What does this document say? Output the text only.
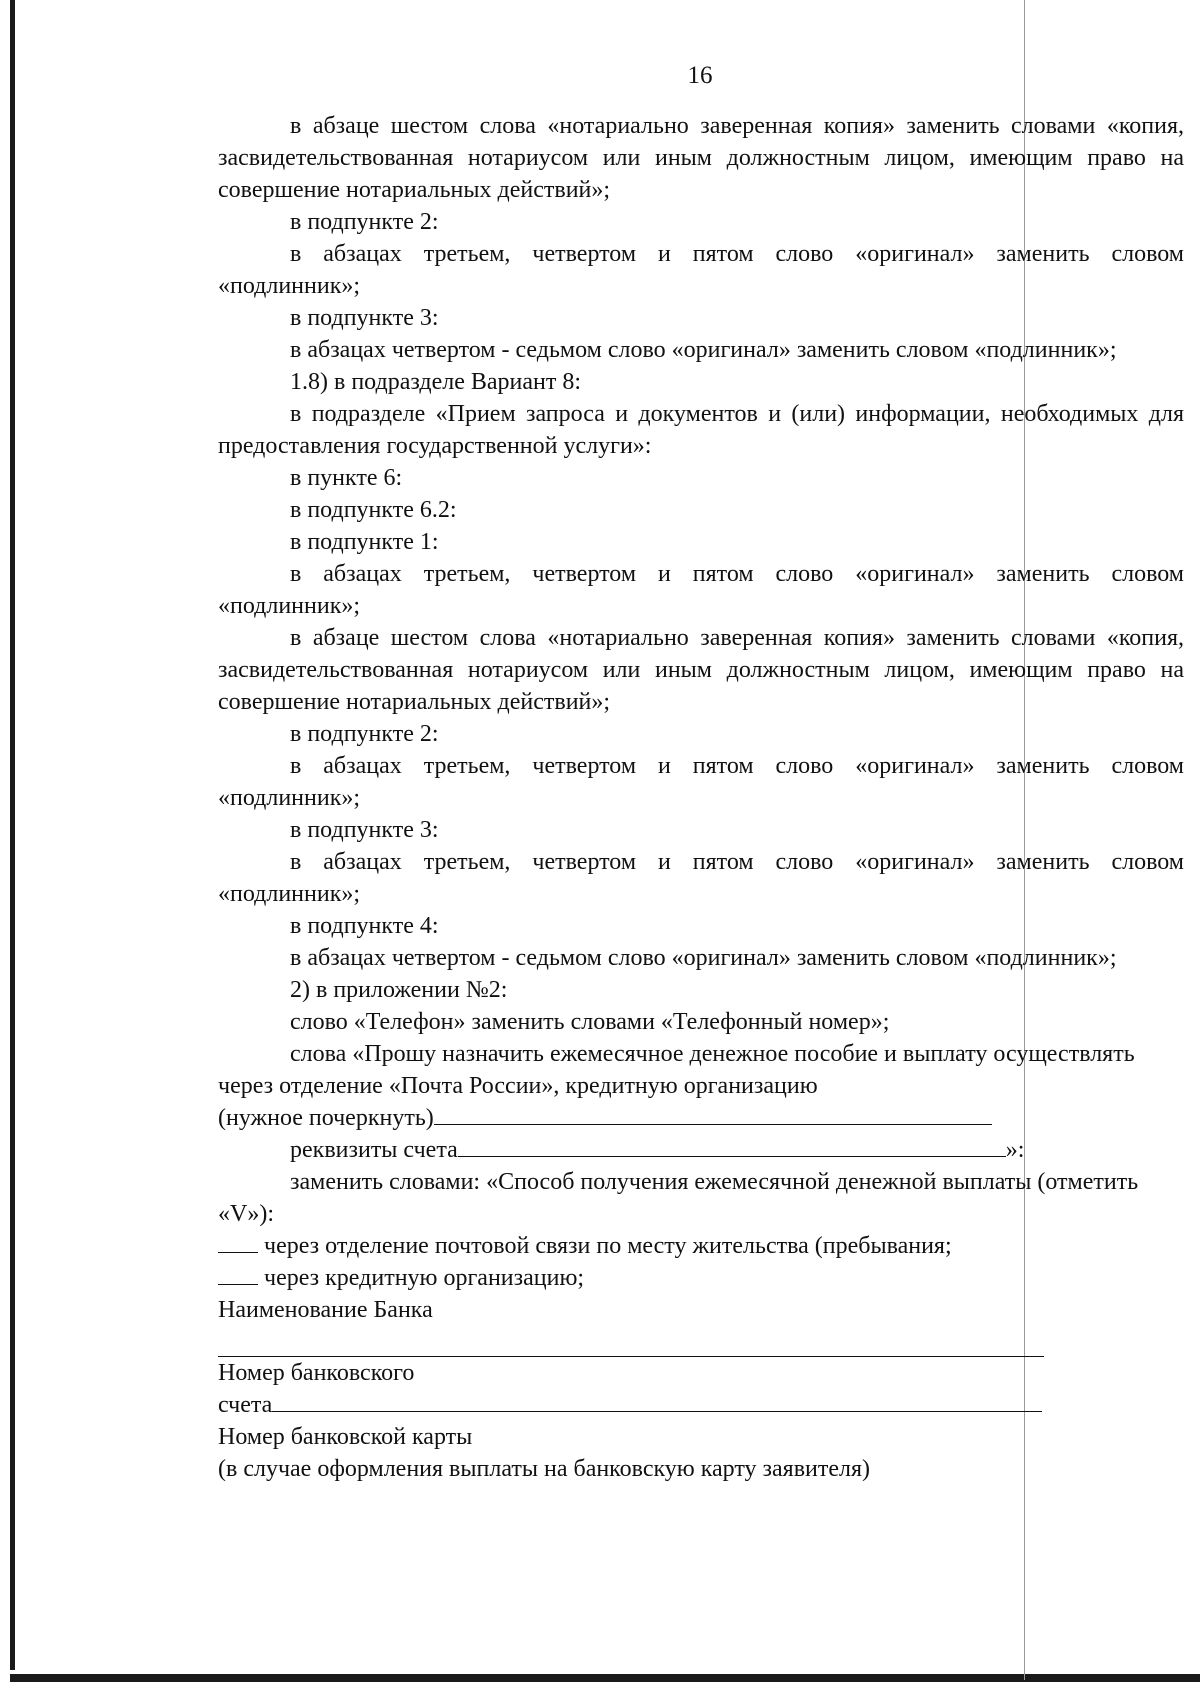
16

в абзаце шестом слова «нотариально заверенная копия» заменить словами «копия, засвидетельствованная нотариусом или иным должностным лицом, имеющим право на совершение нотариальных действий»;

в подпункте 2:

в абзацах третьем, четвертом и пятом слово «оригинал» заменить словом «подлинник»;

в подпункте 3:

в абзацах четвертом - седьмом слово «оригинал» заменить словом «подлинник»;

1.8) в подразделе Вариант 8:

в подразделе «Прием запроса и документов и (или) информации, необходимых для предоставления государственной услуги»:

в пункте 6:

в подпункте 6.2:

в подпункте 1:

в абзацах третьем, четвертом и пятом слово «оригинал» заменить словом «подлинник»;

в абзаце шестом слова «нотариально заверенная копия» заменить словами «копия, засвидетельствованная нотариусом или иным должностным лицом, имеющим право на совершение нотариальных действий»;

в подпункте 2:

в абзацах третьем, четвертом и пятом слово «оригинал» заменить словом «подлинник»;

в подпункте 3:

в абзацах третьем, четвертом и пятом слово «оригинал» заменить словом «подлинник»;

в подпункте 4:

в абзацах четвертом - седьмом слово «оригинал» заменить словом «подлинник»;

2) в приложении №2:

слово «Телефон» заменить словами «Телефонный номер»;

слова «Прошу назначить ежемесячное денежное пособие и выплату осуществлять через отделение «Почта России», кредитную организацию

(нужное почеркнуть)

реквизиты счета	»:

заменить словами: «Способ получения ежемесячной денежной выплаты (отметить «V»):

через отделение почтовой связи по месту жительства (пребывания;

через кредитную организацию;

Наименование Банка

Номер банковского

счета

Номер банковской карты

(в случае оформления выплаты на банковскую карту заявителя)
